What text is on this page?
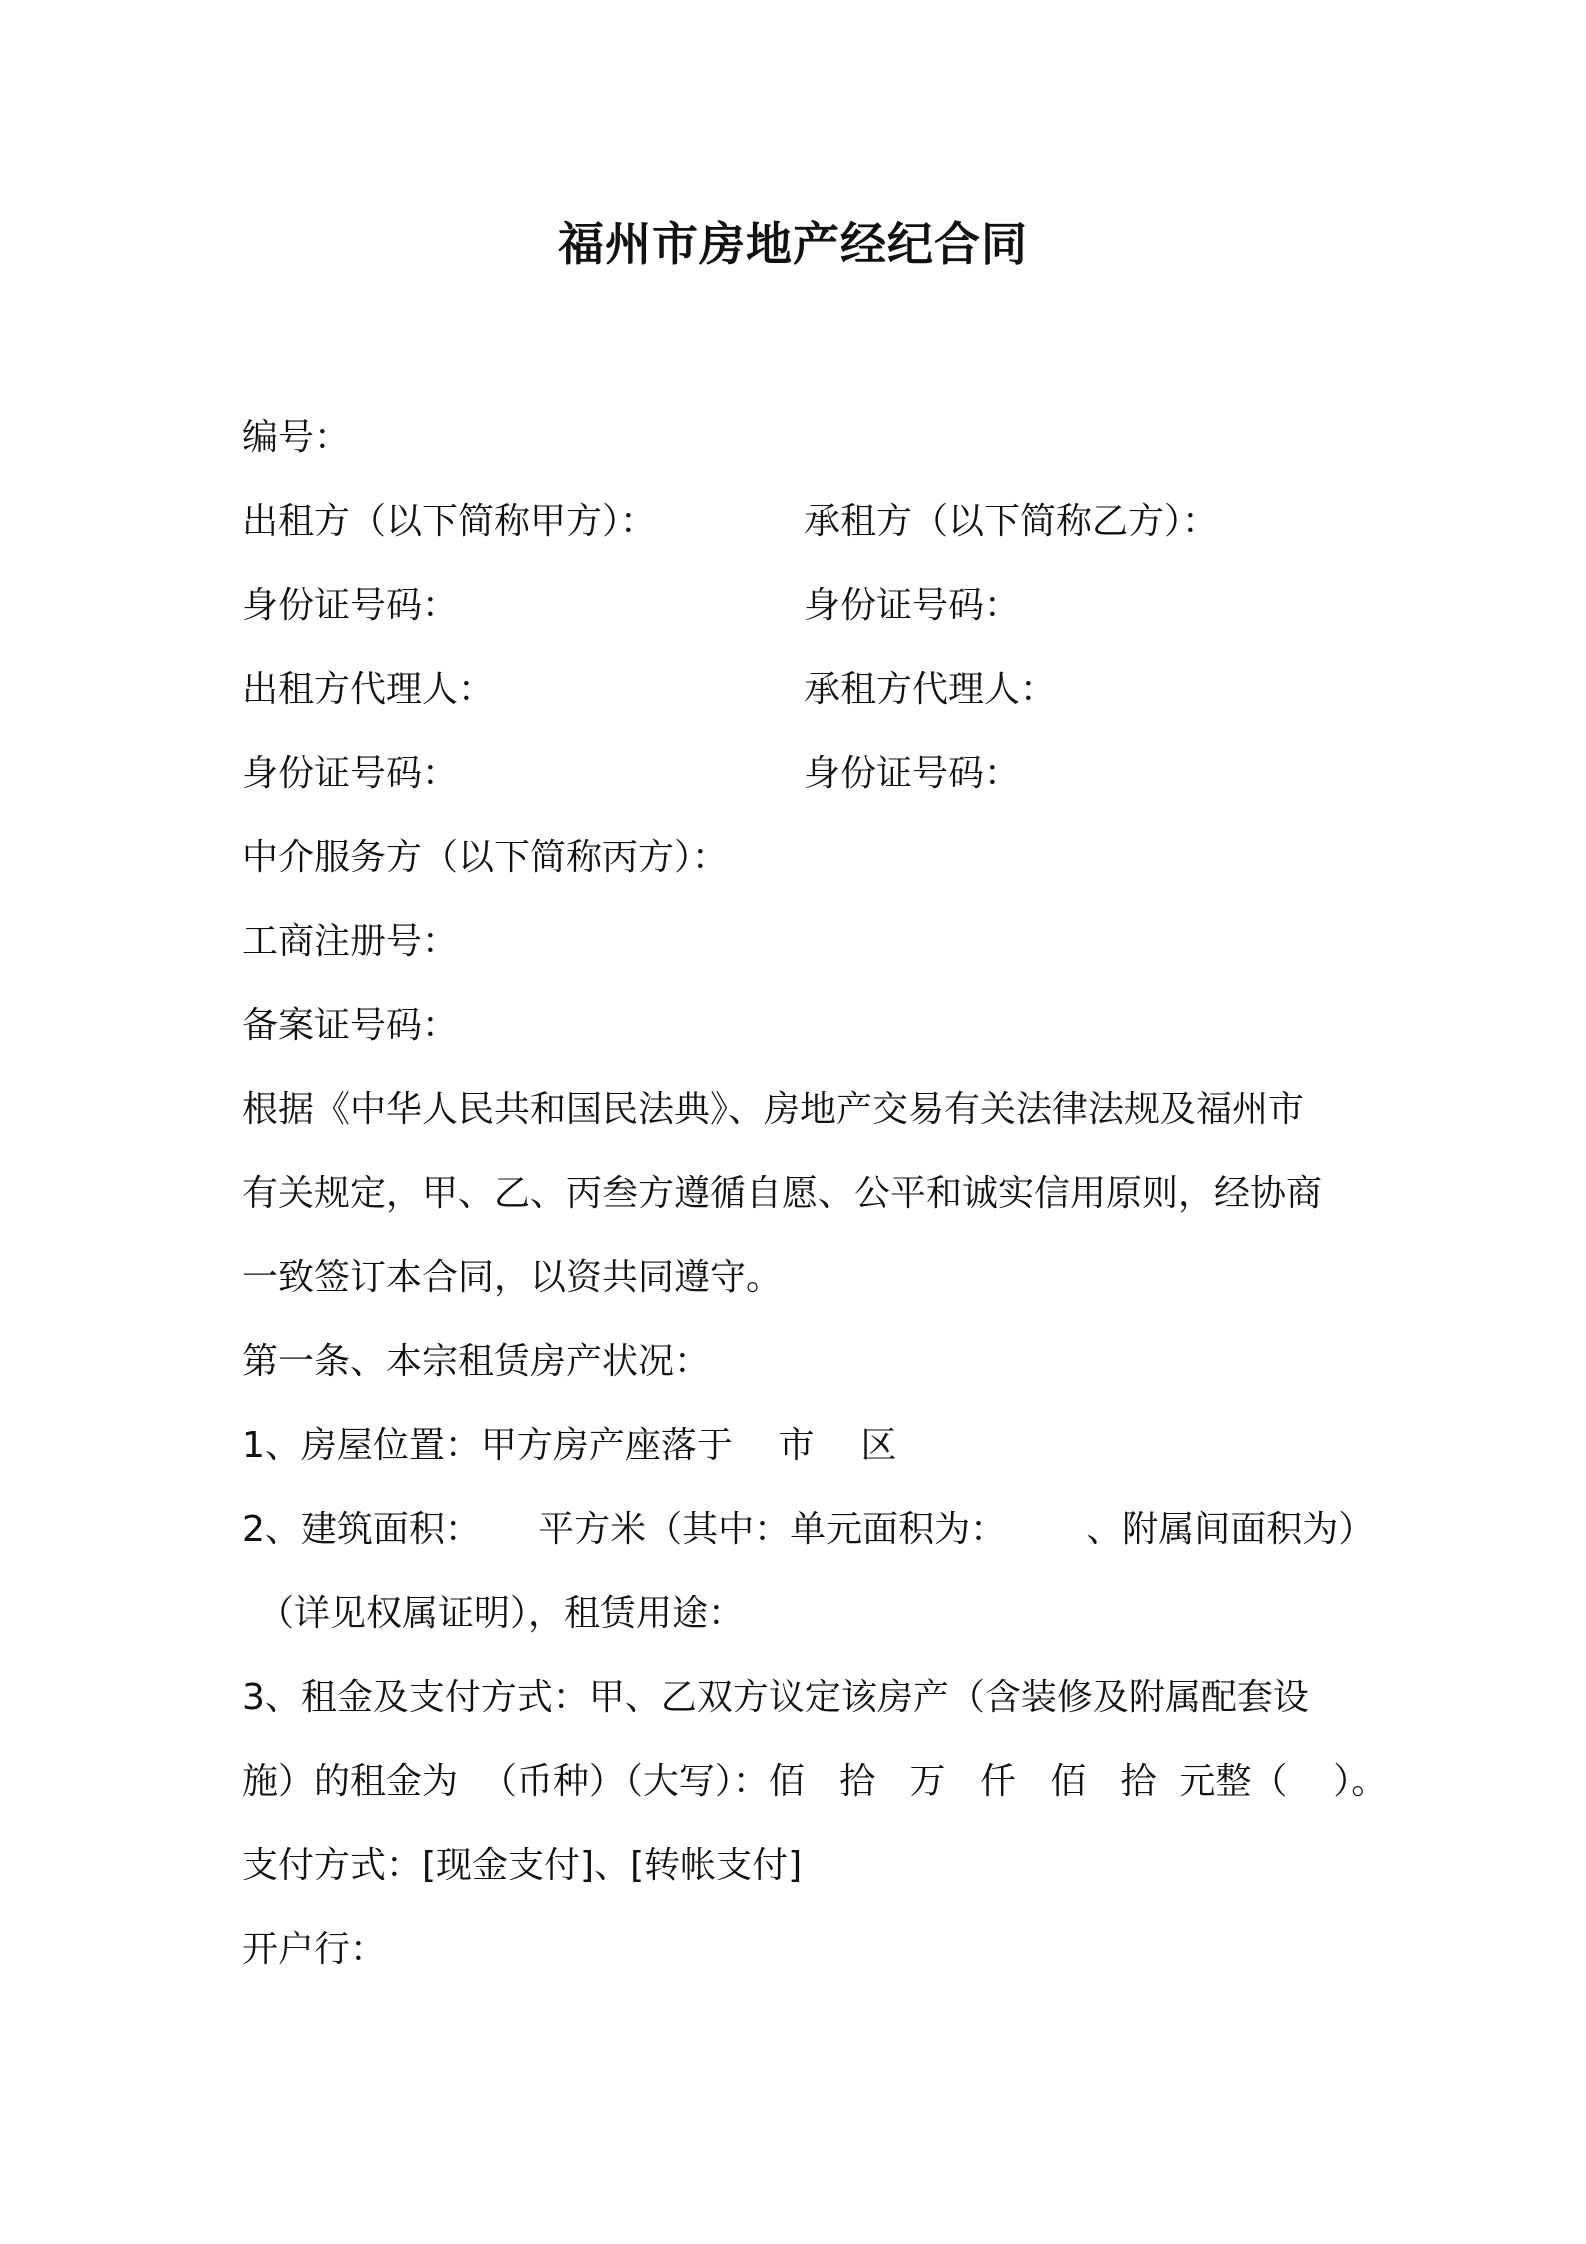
福州市房地产经纪合同
编号：
出租方（以下简称甲方）：	承租方（以下简称乙方）：
身份证号码：	身份证号码：
出租方代理人：	承租方代理人：
身份证号码：	身份证号码：
中介服务方（以下简称丙方）：
工商注册号：
备案证号码：
根据《中华人民共和国民法典》、房地产交易有关法律法规及福州市
有关规定，甲、乙、丙叁方遵循自愿、公平和诚实信用原则，经协商
一致签订本合同，以资共同遵守。
第一条、本宗租赁房产状况：
1、房屋位置：甲方房产座落于    市    区
2、建筑面积：     平方米（其中：单元面积为：       、附属间面积为）
（详见权属证明），租赁用途：
3、租金及支付方式：甲、乙双方议定该房产（含装修及附属配套设
施）的租金为  （币种）（大写）：佰   拾   万   仟   佰   拾  元整（    ）。
支付方式：[现金支付]、[转帐支付]
开户行：
